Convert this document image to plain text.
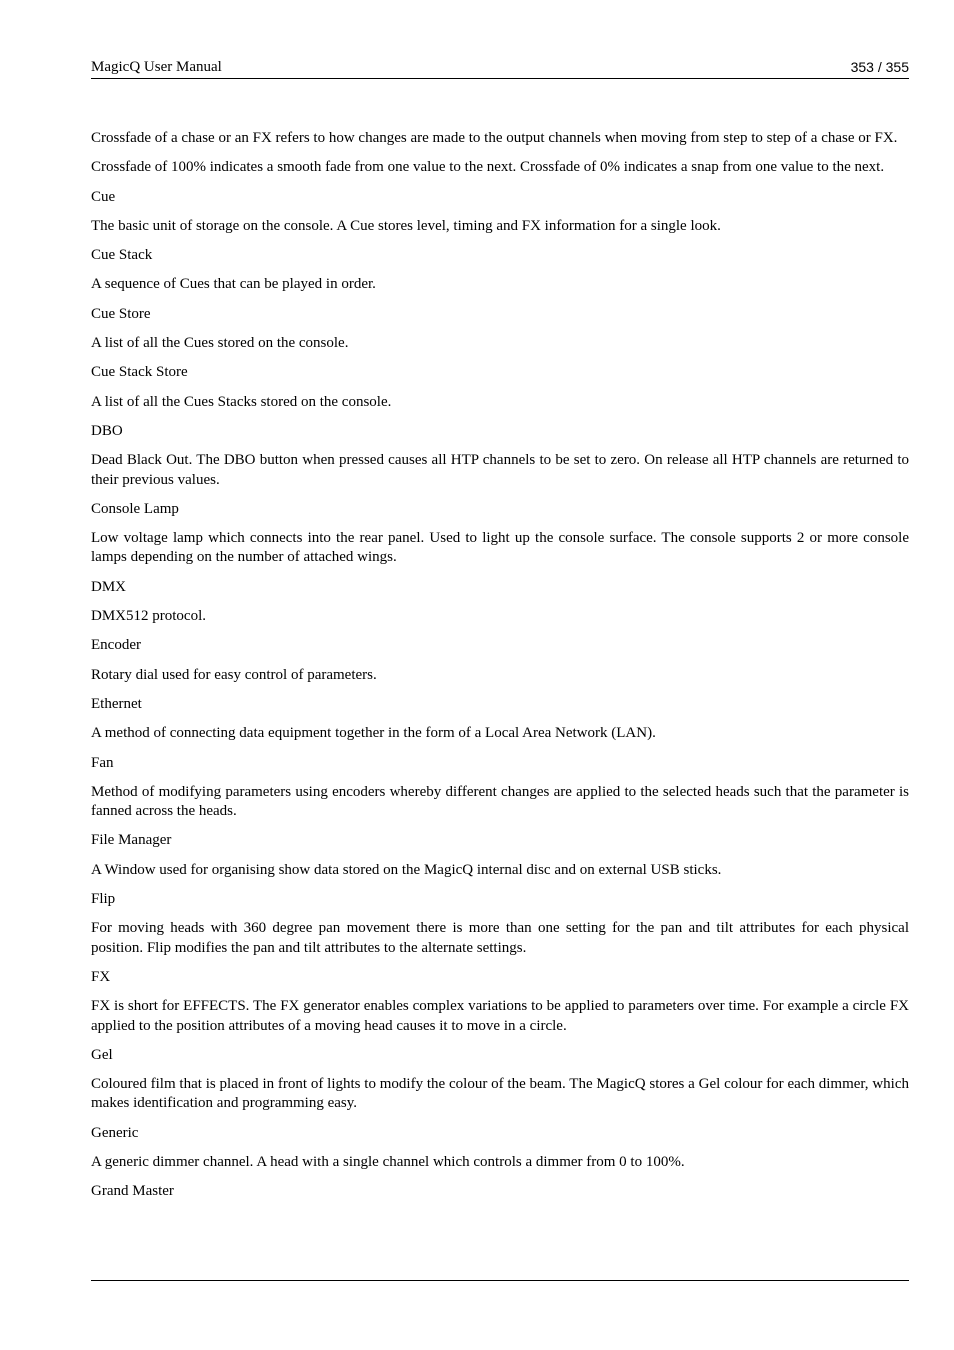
MagicQ User Manual	353 / 355

Crossfade of a chase or an FX refers to how changes are made to the output channels when moving from step to step of a chase or FX.

Crossfade of 100% indicates a smooth fade from one value to the next. Crossfade of 0% indicates a snap from one value to the next.

Cue

The basic unit of storage on the console. A Cue stores level, timing and FX information for a single look.

Cue Stack

A sequence of Cues that can be played in order.

Cue Store

A list of all the Cues stored on the console.

Cue Stack Store

A list of all the Cues Stacks stored on the console.

DBO

Dead Black Out. The DBO button when pressed causes all HTP channels to be set to zero. On release all HTP channels are returned to their previous values.

Console Lamp

Low voltage lamp which connects into the rear panel. Used to light up the console surface. The console supports 2 or more console lamps depending on the number of attached wings.

DMX

DMX512 protocol.

Encoder

Rotary dial used for easy control of parameters.

Ethernet

A method of connecting data equipment together in the form of a Local Area Network (LAN).

Fan

Method of modifying parameters using encoders whereby different changes are applied to the selected heads such that the parameter is fanned across the heads.

File Manager

A Window used for organising show data stored on the MagicQ internal disc and on external USB sticks.

Flip

For moving heads with 360 degree pan movement there is more than one setting for the pan and tilt attributes for each physical position. Flip modifies the pan and tilt attributes to the alternate settings.

FX

FX is short for EFFECTS. The FX generator enables complex variations to be applied to parameters over time. For example a circle FX applied to the position attributes of a moving head causes it to move in a circle.

Gel

Coloured film that is placed in front of lights to modify the colour of the beam. The MagicQ stores a Gel colour for each dimmer, which makes identification and programming easy.

Generic

A generic dimmer channel. A head with a single channel which controls a dimmer from 0 to 100%.

Grand Master
